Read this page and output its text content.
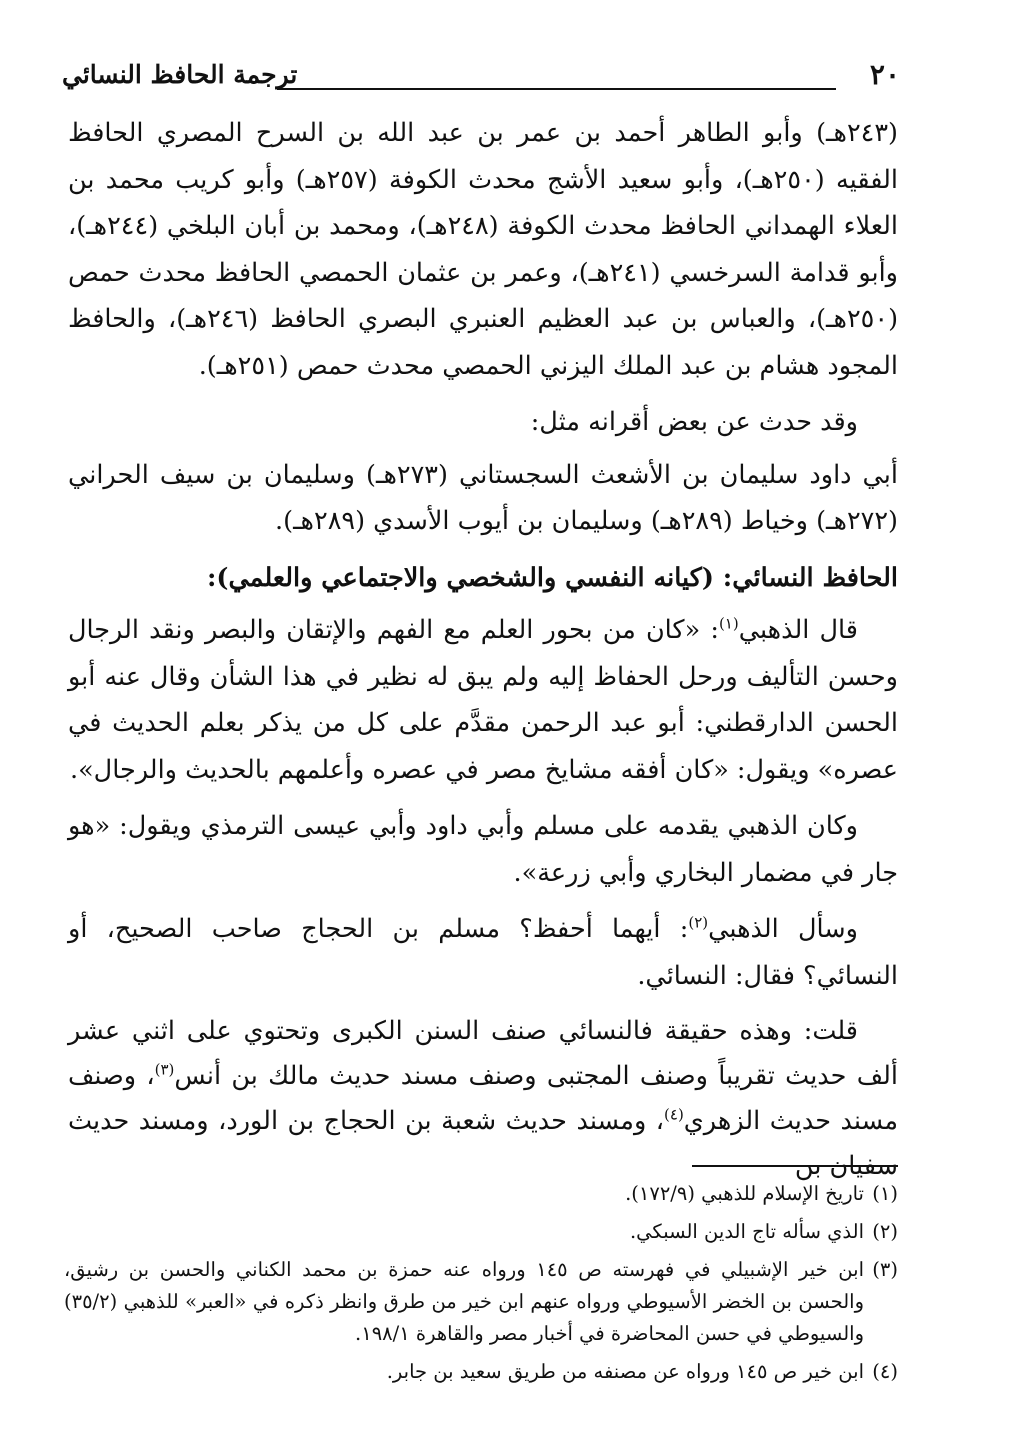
٢٠
ترجمة الحافظ النسائي

(٢٤٣هـ) وأبو الطاهر أحمد بن عمر بن عبد الله بن السرح المصري الحافظ الفقيه (٢٥٠هـ)، وأبو سعيد الأشج محدث الكوفة (٢٥٧هـ) وأبو كريب محمد بن العلاء الهمداني الحافظ محدث الكوفة (٢٤٨هـ)، ومحمد بن أبان البلخي (٢٤٤هـ)، وأبو قدامة السرخسي (٢٤١هـ)، وعمر بن عثمان الحمصي الحافظ محدث حمص (٢٥٠هـ)، والعباس بن عبد العظيم العنبري البصري الحافظ (٢٤٦هـ)، والحافظ المجود هشام بن عبد الملك اليزني الحمصي محدث حمص (٢٥١هـ).

وقد حدث عن بعض أقرانه مثل:

أبي داود سليمان بن الأشعث السجستاني (٢٧٣هـ) وسليمان بن سيف الحراني (٢٧٢هـ) وخياط (٢٨٩هـ) وسليمان بن أيوب الأسدي (٢٨٩هـ).

الحافظ النسائي: (كيانه النفسي والشخصي والاجتماعي والعلمي):

قال الذهبي$^{(١)}$: «كان من بحور العلم مع الفهم والإتقان والبصر ونقد الرجال وحسن التأليف ورحل الحفاظ إليه ولم يبق له نظير في هذا الشأن وقال عنه أبو الحسن الدارقطني: أبو عبد الرحمن مقدَّم على كل من يذكر بعلم الحديث في عصره» ويقول: «كان أفقه مشايخ مصر في عصره وأعلمهم بالحديث والرجال».

وكان الذهبي يقدمه على مسلم وأبي داود وأبي عيسى الترمذي ويقول: «هو جار في مضمار البخاري وأبي زرعة».

وسأل الذهبي$^{(٢)}$: أيهما أحفظ؟ مسلم بن الحجاج صاحب الصحيح، أو النسائي؟ فقال: النسائي.

قلت: وهذه حقيقة فالنسائي صنف السنن الكبرى وتحتوي على اثني عشر ألف حديث تقريباً وصنف المجتبى وصنف مسند حديث مالك بن أنس$^{(٣)}$، وصنف مسند حديث الزهري$^{(٤)}$، ومسند حديث شعبة بن الحجاج بن الورد، ومسند حديث سفيان بن

(١)
تاريخ الإسلام للذهبي (١٧٢/٩).
(٢)
الذي سأله تاج الدين السبكي.
(٣)
ابن خير الإشبيلي في فهرسته ص ١٤٥ ورواه عنه حمزة بن محمد الكناني والحسن بن رشيق، والحسن بن الخضر الأسيوطي ورواه عنهم ابن خير من طرق وانظر ذكره في «العبر» للذهبي (٣٥/٢) والسيوطي في حسن المحاضرة في أخبار مصر والقاهرة ١٩٨/١.
(٤)
ابن خير ص ١٤٥ ورواه عن مصنفه من طريق سعيد بن جابر.
